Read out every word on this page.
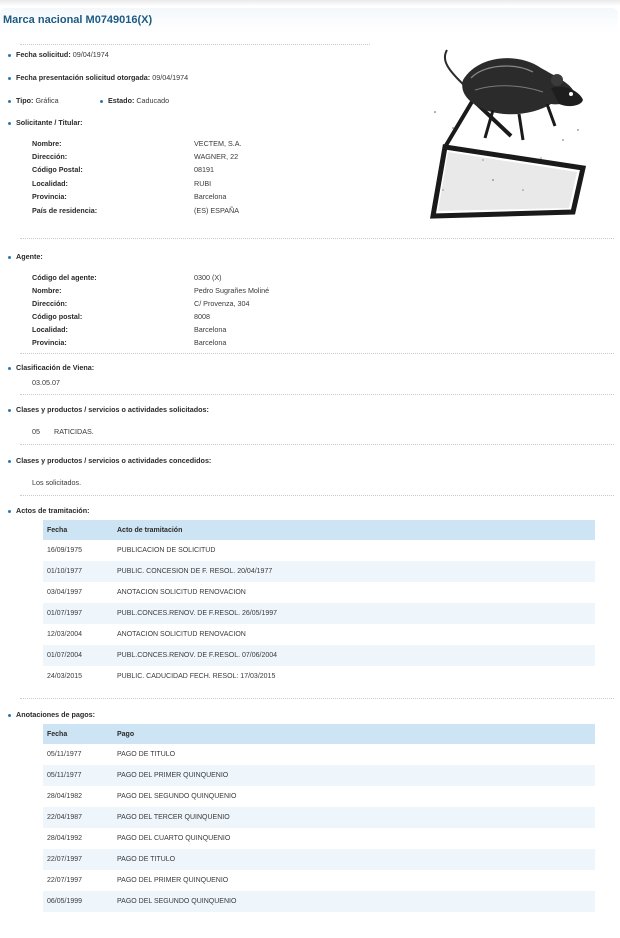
Marca nacional M0749016(X)
Fecha solicitud: 09/04/1974
Fecha presentación solicitud otorgada: 09/04/1974
Tipo: Gráfica	Estado: Caducado
Solicitante / Titular:
Nombre:	VECTEM, S.A.
Dirección:	WAGNER, 22
Código Postal:	08191
Localidad:	RUBI
Provincia:	Barcelona
País de residencia:	(ES) ESPAÑA
Agente:
Código del agente:	0300 (X)
Nombre:	Pedro Sugrañes Moliné
Dirección:	C/ Provenza, 304
Código postal:	8008
Localidad:	Barcelona
Provincia:	Barcelona
Clasificación de Viena:
03.05.07
Clases y productos / servicios o actividades solicitados:
05 RATICIDAS.
Clases y productos / servicios o actividades concedidos:
Los solicitados.
Actos de tramitación:
Fecha	Acto de tramitación
16/09/1975	PUBLICACION DE SOLICITUD
01/10/1977	PUBLIC. CONCESION DE F. RESOL. 20/04/1977
03/04/1997	ANOTACION SOLICITUD RENOVACION
01/07/1997	PUBL.CONCES.RENOV. DE F.RESOL. 26/05/1997
12/03/2004	ANOTACION SOLICITUD RENOVACION
01/07/2004	PUBL.CONCES.RENOV. DE F.RESOL. 07/06/2004
24/03/2015	PUBLIC. CADUCIDAD FECH. RESOL: 17/03/2015
Anotaciones de pagos:
Fecha	Pago
05/11/1977	PAGO DE TITULO
05/11/1977	PAGO DEL PRIMER QUINQUENIO
28/04/1982	PAGO DEL SEGUNDO QUINQUENIO
22/04/1987	PAGO DEL TERCER QUINQUENIO
28/04/1992	PAGO DEL CUARTO QUINQUENIO
22/07/1997	PAGO DE TITULO
22/07/1997	PAGO DEL PRIMER QUINQUENIO
06/05/1999	PAGO DEL SEGUNDO QUINQUENIO
